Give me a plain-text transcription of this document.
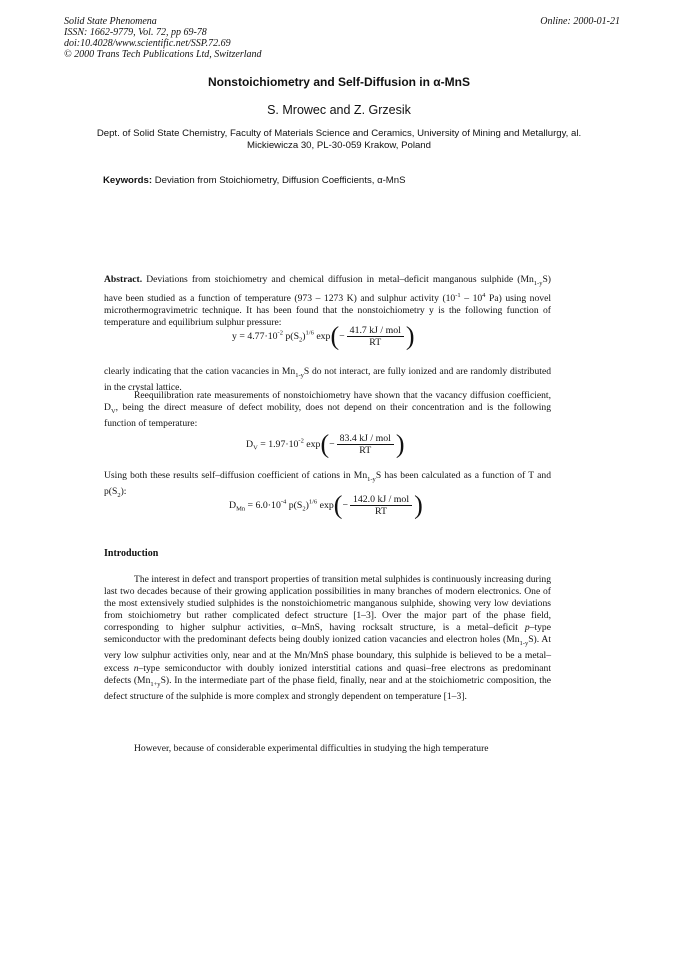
Solid State Phenomena
ISSN: 1662-9779, Vol. 72, pp 69-78
doi:10.4028/www.scientific.net/SSP.72.69
© 2000 Trans Tech Publications Ltd, Switzerland
Online: 2000-01-21
Nonstoichiometry and Self-Diffusion in α-MnS
S. Mrowec and Z. Grzesik
Dept. of Solid State Chemistry, Faculty of Materials Science and Ceramics, University of Mining and Metallurgy, al. Mickiewicza 30, PL-30-059 Krakow, Poland
Keywords: Deviation from Stoichiometry, Diffusion Coefficients, α-MnS

Abstract. Deviations from stoichiometry and chemical diffusion in metal–deficit manganous sulphide $(Mn_{1-y}S)$ have been studied as a function of temperature (973 – 1273 K) and sulphur activity ($10^{-1} - 10^4$ Pa) using novel microthermogravimetric technique. It has been found that the nonstoichiometry y is the following function of temperature and equilibrium sulphur pressure:

$y = 4.77\cdot 10^{-2}$ $p(S_2)^{1/6}$ $\exp(- \frac{\text{41.7 kJ / mol}}{RT}$ )

clearly indicating that the cation vacancies in $Mn_{1-y}S$ do not interact, are fully ionized and are randomly distributed in the crystal lattice.

Reequilibration rate measurements of nonstoichiometry have shown that the vacancy diffusion coefficient, $D_V$, being the direct measure of defect mobility, does not depend on their concentration and is the following function of temperature:

$D_V = 1.97\cdot 10^{-2}$ $\exp(- \frac{\text{83.4 kJ / mol}}{RT}$ )

Using both these results self–diffusion coefficient of cations in $Mn_{1-y}S$ has been calculated as a function of T and $p(S_2)$:

$D_{Mn} = 6.0\cdot 10^{-4}$ $p(S_2)^{1/6}$ $\exp(- \frac{\text{142.0 kJ / mol}}{RT}$ )
Introduction

The interest in defect and transport properties of transition metal sulphides is continuously increasing during last two decades because of their growing application possibilities in many branches of modern electronics. One of the most extensively studied sulphides is the nonstoichiometric manganous sulphide, showing very low deviations from stoichiometry but rather complicated defect structure [1–3]. Over the major part of the phase field, corresponding to higher sulphur activities, α–MnS, having rocksalt structure, is a metal–deficit p–type semiconductor with the predominant defects being doubly ionized cation vacancies and electron holes $(Mn_{1-y}S)$. At very low sulphur activities only, near and at the Mn/MnS phase boundary, this sulphide is believed to be a metal–excess n–type semiconductor with doubly ionized interstitial cations and quasi–free electrons as predominant defects $(Mn_{1+y}S)$. In the intermediate part of the phase field, finally, near and at the stoichiometric composition, the defect structure of the sulphide is more complex and strongly dependent on temperature [1–3].

However, because of considerable experimental difficulties in studying the high temperature
